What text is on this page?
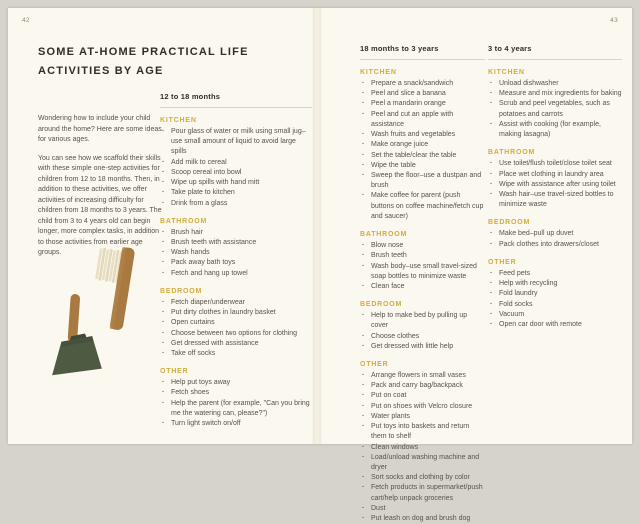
42
SOME AT-HOME PRACTICAL LIFE
ACTIVITIES BY AGE

Wondering how to include your child around the home? Here are some ideas for various ages.

You can see how we scaffold their skills with these simple one-step activities for children from 12 to 18 months. Then, in addition to these activities, we offer activities of increasing difficulty for children from 18 months to 3 years. The child from 3 to 4 years old can begin longer, more complex tasks, in addition to those activities from earlier age groups.

12 to 18 months
KITCHEN
· Pour glass of water or milk using small jug–use small amount of liquid to avoid large spills
· Add milk to cereal
· Scoop cereal into bowl
· Wipe up spills with hand mitt
· Take plate to kitchen
· Drink from a glass
BATHROOM
· Brush hair
· Brush teeth with assistance
· Wash hands
· Pack away bath toys
· Fetch and hang up towel
BEDROOM
· Fetch diaper/underwear
· Put dirty clothes in laundry basket
· Open curtains
· Choose between two options for clothing
· Get dressed with assistance
· Take off socks
OTHER
· Help put toys away
· Fetch shoes
· Help the parent (for example, "Can you bring me the watering can, please?")
· Turn light switch on/off
43
18 months to 3 years
KITCHEN
· Prepare a snack/sandwich
· Peel and slice a banana
· Peel a mandarin orange
· Peel and cut an apple with assistance
· Wash fruits and vegetables
· Make orange juice
· Set the table/clear the table
· Wipe the table
· Sweep the floor–use a dustpan and brush
· Make coffee for parent (push buttons on coffee machine/fetch cup and saucer)
BATHROOM
· Blow nose
· Brush teeth
· Wash body–use small travel-sized soap bottles to minimize waste
· Clean face
BEDROOM
· Help to make bed by pulling up cover
· Choose clothes
· Get dressed with little help
OTHER
· Arrange flowers in small vases
· Pack and carry bag/backpack
· Put on coat
· Put on shoes with Velcro closure
· Water plants
· Put toys into baskets and return them to shelf
· Clean windows
· Load/unload washing machine and dryer
· Sort socks and clothing by color
· Fetch products in supermarket/push cart/help unpack groceries
· Dust
· Put leash on dog and brush dog
3 to 4 years
KITCHEN
· Unload dishwasher
· Measure and mix ingredients for baking
· Scrub and peel vegetables, such as potatoes and carrots
· Assist with cooking (for example, making lasagna)
BATHROOM
· Use toilet/flush toilet/close toilet seat
· Place wet clothing in laundry area
· Wipe with assistance after using toilet
· Wash hair–use travel-sized bottles to minimize waste
BEDROOM
· Make bed–pull up duvet
· Pack clothes into drawers/closet
OTHER
· Feed pets
· Help with recycling
· Fold laundry
· Fold socks
· Vacuum
· Open car door with remote
